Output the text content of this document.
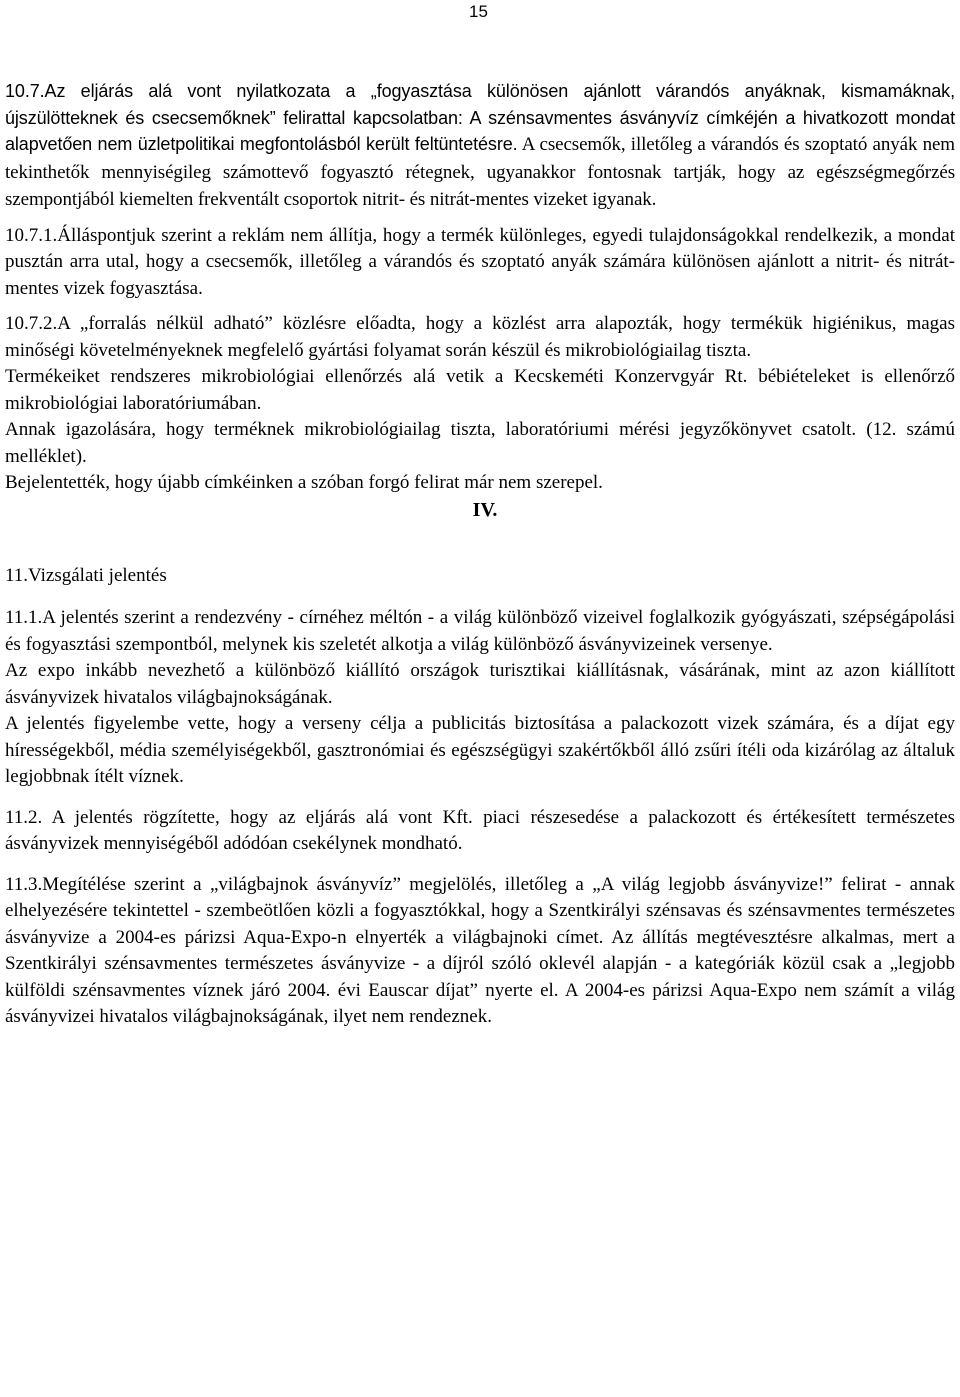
15

10.7.Az eljárás alá vont nyilatkozata a „fogyasztása különösen ajánlott várandós anyáknak, kismamáknak, újszülötteknek és csecsemőknek” felirattal kapcsolatban: A szénsavmentes ásványvíz címkéjén a hivatkozott mondat alapvetően nem üzletpolitikai megfontolásból került feltüntetésre. A csecsemők, illetőleg a várandós és szoptató anyák nem tekinthetők mennyiségileg számottevő fogyasztó rétegnek, ugyanakkor fontosnak tartják, hogy az egészségmegőrzés szempontjából kiemelten frekventált csoportok nitrit- és nitrát-mentes vizeket igyanak.

10.7.1.Álláspontjuk szerint a reklám nem állítja, hogy a termék különleges, egyedi tulajdonságokkal rendelkezik, a mondat pusztán arra utal, hogy a csecsemők, illetőleg a várandós és szoptató anyák számára különösen ajánlott a nitrit- és nitrát-mentes vizek fogyasztása.

10.7.2.A „forralás nélkül adható” közlésre előadta, hogy a közlést arra alapozták, hogy termékük higiénikus, magas minőségi követelményeknek megfelelő gyártási folyamat során készül és mikrobiológiailag tiszta.

Termékeiket rendszeres mikrobiológiai ellenőrzés alá vetik a Kecskeméti Konzervgyár Rt. bébiételeket is ellenőrző mikrobiológiai laboratóriumában.

Annak igazolására, hogy terméknek mikrobiológiailag tiszta, laboratóriumi mérési jegyzőkönyvet csatolt. (12. számú melléklet).

Bejelentették, hogy újabb címkéinken a szóban forgó felirat már nem szerepel.

IV.

11.Vizsgálati jelentés

11.1.A jelentés szerint a rendezvény - círnéhez méltón - a világ különböző vizeivel foglalkozik gyógyászati, szépségápolási és fogyasztási szempontból, melynek kis szeletét alkotja a világ különböző ásványvizeinek versenye.

Az expo inkább nevezhető a különböző kiállító országok turisztikai kiállításnak, vásárának, mint az azon kiállított ásványvizek hivatalos világbajnokságának.

A jelentés figyelembe vette, hogy a verseny célja a publicitás biztosítása a palackozott vizek számára, és a díjat egy hírességekből, média személyiségekből, gasztronómiai és egészségügyi szakértőkből álló zsűri ítéli oda kizárólag az általuk legjobbnak ítélt víznek.

11.2. A jelentés rögzítette, hogy az eljárás alá vont Kft. piaci részesedése a palackozott és értékesített természetes ásványvizek mennyiségéből adódóan csekélynek mondható.

11.3.Megítélése szerint a „világbajnok ásványvíz” megjelölés, illetőleg a „A világ legjobb ásványvize!” felirat - annak elhelyezésére tekintettel - szembeötlően közli a fogyasztókkal, hogy a Szentkirályi szénsavas és szénsavmentes természetes ásványvize a 2004-es párizsi Aqua-Expo-n elnyerték a világbajnoki címet. Az állítás megtévesztésre alkalmas, mert a Szentkirályi szénsavmentes természetes ásványvize - a díjról szóló oklevél alapján - a kategóriák közül csak a „legjobb külföldi szénsavmentes víznek járó 2004. évi Eauscar díjat” nyerte el. A 2004-es párizsi Aqua-Expo nem számít a világ ásványvizei hivatalos világbajnokságának, ilyet nem rendeznek.
